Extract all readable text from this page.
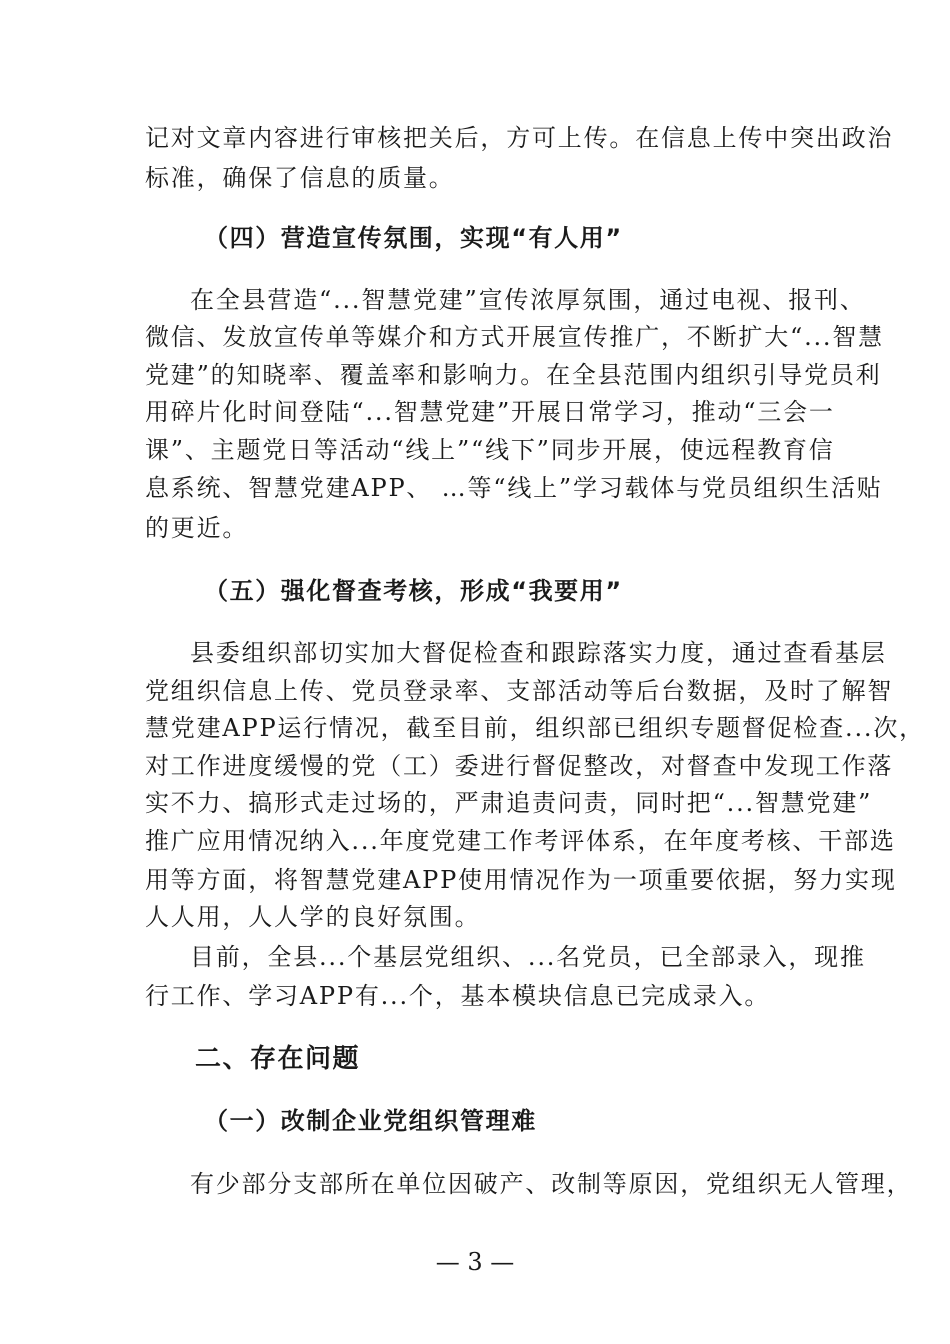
记对文章内容进行审核把关后，方可上传。在信息上传中突出政治
标准，确保了信息的质量。
（四）营造宣传氛围，实现“有人用”
在全县营造“...智慧党建”宣传浓厚氛围，通过电视、报刊、
微信、发放宣传单等媒介和方式开展宣传推广，不断扩大“...智慧
党建”的知晓率、覆盖率和影响力。在全县范围内组织引导党员利
用碎片化时间登陆“...智慧党建”开展日常学习，推动“三会一
课”、主题党日等活动“线上”“线下”同步开展，使远程教育信
息系统、智慧党建APP、 …等“线上”学习载体与党员组织生活贴
的更近。
（五）强化督查考核，形成“我要用”
县委组织部切实加大督促检查和跟踪落实力度，通过查看基层
党组织信息上传、党员登录率、支部活动等后台数据，及时了解智
慧党建APP运行情况，截至目前，组织部已组织专题督促检查...次，
对工作进度缓慢的党（工）委进行督促整改，对督查中发现工作落
实不力、搞形式走过场的，严肃追责问责，同时把“...智慧党建”
推广应用情况纳入...年度党建工作考评体系，在年度考核、干部选
用等方面，将智慧党建APP使用情况作为一项重要依据，努力实现
人人用，人人学的良好氛围。
目前，全县...个基层党组织、...名党员，已全部录入，现推
行工作、学习APP有...个，基本模块信息已完成录入。
二、存在问题
（一）改制企业党组织管理难
有少部分支部所在单位因破产、改制等原因，党组织无人管理，
— 3 —
